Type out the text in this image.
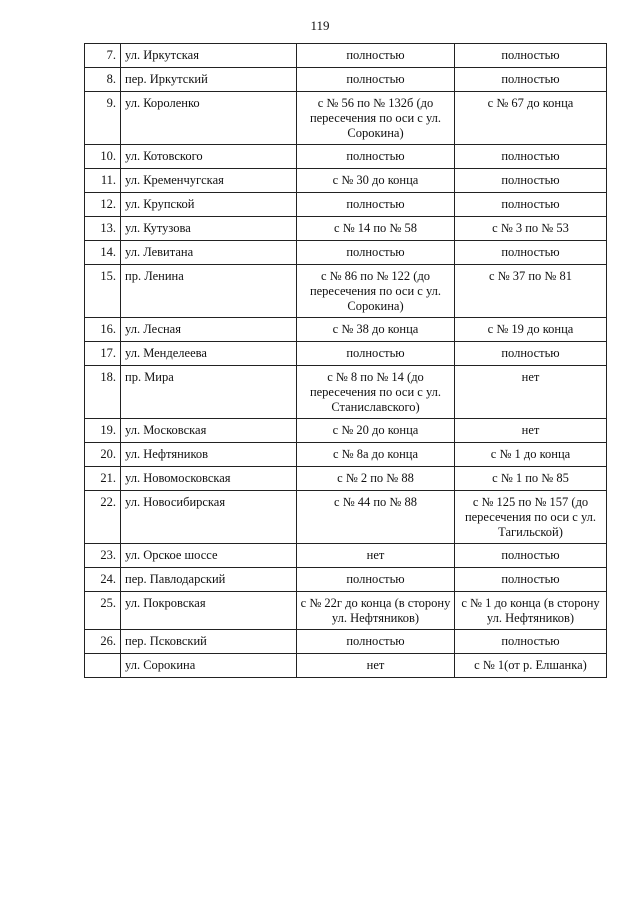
119
7.	ул. Иркутская	полностью	полностью
8.	пер. Иркутский	полностью	полностью
9.	ул. Короленко	с № 56 по № 132б (до пересечения по оси с ул. Сорокина)	с № 67 до конца
10.	ул. Котовского	полностью	полностью
11.	ул. Кременчугская	с № 30 до конца	полностью
12.	ул. Крупской	полностью	полностью
13.	ул. Кутузова	с № 14 по № 58	с № 3 по № 53
14.	ул. Левитана	полностью	полностью
15.	пр. Ленина	с № 86 по № 122 (до пересечения по оси с ул. Сорокина)	с № 37 по № 81
16.	ул. Лесная	с № 38 до конца	с № 19 до конца
17.	ул. Менделеева	полностью	полностью
18.	пр. Мира	с № 8 по № 14 (до пересечения по оси с ул. Станиславского)	нет
19.	ул. Московская	с № 20 до конца	нет
20.	ул. Нефтяников	с № 8а до конца	с № 1 до конца
21.	ул. Новомосковская	с № 2 по № 88	с № 1 по № 85
22.	ул. Новосибирская	с № 44 по № 88	с № 125 по № 157 (до пересечения по оси с ул. Тагильской)
23.	ул. Орское шоссе	нет	полностью
24.	пер. Павлодарский	полностью	полностью
25.	ул. Покровская	с № 22г до конца (в сторону ул. Нефтяников)	с № 1 до конца (в сторону ул. Нефтяников)
26.	пер. Псковский	полностью	полностью
	ул. Сорокина	нет	с № 1(от р. Елшанка)
